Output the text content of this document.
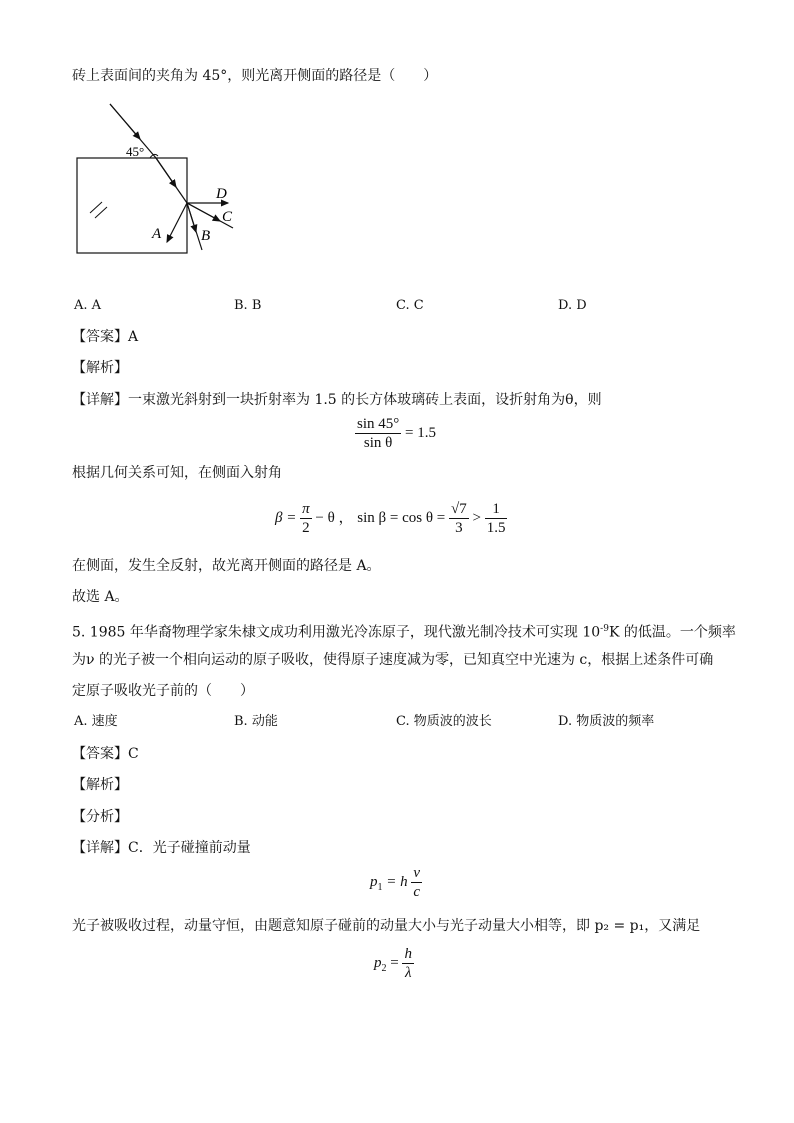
砖上表面间的夹角为 45°，则光离开侧面的路径是（　　）
45°
D
C
A	B
A. A	B. B	C. C	D. D
【答案】A
【解析】
【详解】一束激光斜射到一块折射率为 1.5 的长方体玻璃砖上表面，设折射角为θ，则
$\frac{\sin 45^\circ}{\text{sin θ}} = 1.5$
根据几何关系可知，在侧面入射角
$\beta = \frac{\pi}{2} - \theta$ ， $\sin \beta = \cos \theta = \frac{√7}{3} > \frac{1}{1.5}$
在侧面，发生全反射，故光离开侧面的路径是 A。
故选 A。
5. 1985 年华裔物理学家朱棣文成功利用激光冷冻原子，现代激光制冷技术可实现 $10^{-9}K$ 的低温。一个频率
为ν 的光子被一个相向运动的原子吸收，使得原子速度减为零，已知真空中光速为 c，根据上述条件可确
定原子吸收光子前的（　　）
A. 速度	B. 动能	C. 物质波的波长	D. 物质波的频率
【答案】C
【解析】
【分析】
【详解】C．光子碰撞前动量
$p_1 = h \frac{\nu}{c}$
光子被吸收过程，动量守恒，由题意知原子碰前的动量大小与光子动量大小相等，即 p₂ = p₁，又满足
$p_2 = \frac{h}{\lambda}$
